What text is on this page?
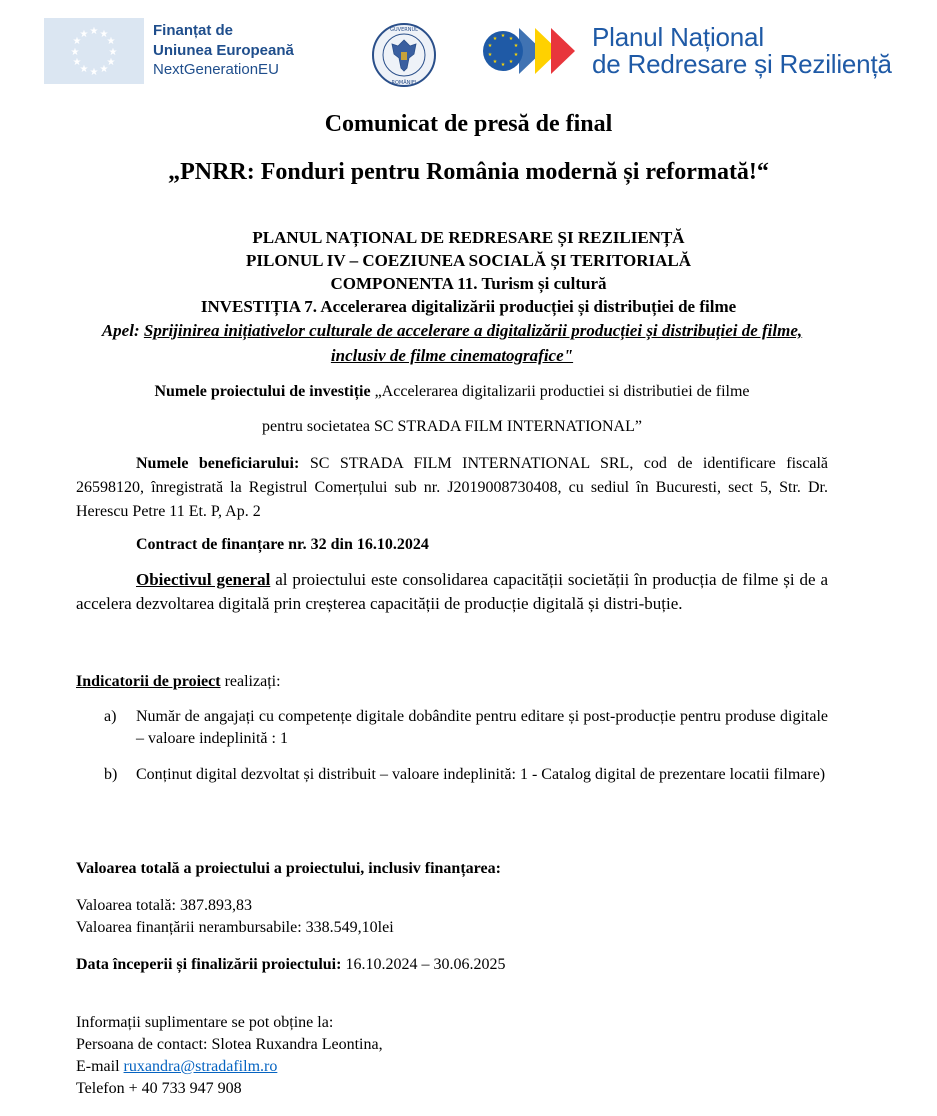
★ ★
★
★
★
★
★
★
★
★
★
★	Finanțat de
Uniunea Europeană
NextGenerationEU
GUVERNUL
ROMÂNIEI
★ ★
★
★
★
★
★
★
★
★	Planul Național
de Redresare și Reziliență
Comunicat de presă de final
„PNRR: Fonduri pentru România modernă și reformată!“
PLANUL NAȚIONAL DE REDRESARE ȘI REZILIENȚĂ
PILONUL IV – COEZIUNEA SOCIALĂ ȘI TERITORIALĂ
COMPONENTA 11. Turism și cultură
INVESTIȚIA 7. Accelerarea digitalizării producției și distribuției de filme
Apel: Sprijinirea inițiativelor culturale de accelerare a digitalizării producției și distribuției de filme, inclusiv de filme cinematografice"
Numele proiectului de investiție „Accelerarea digitalizarii productiei si distributiei de filme
pentru societatea SC STRADA FILM INTERNATIONAL”
Numele beneficiarului: SC STRADA FILM INTERNATIONAL SRL, cod de identificare fiscală 26598120, înregistrată la Registrul Comerțului sub nr. J2019008730408, cu sediul în Bucuresti, sect 5, Str. Dr. Herescu Petre 11 Et. P, Ap. 2
Contract de finanțare nr. 32 din 16.10.2024
Obiectivul general al proiectului este consolidarea capacității societății în producția de filme și de a accelera dezvoltarea digitală prin creșterea capacității de producție digitală și distri-buție.
Indicatorii de proiect realizați:
a)	Număr de angajați cu competențe digitale dobândite pentru editare și post-producție pentru produse digitale – valoare indeplinită : 1
b)	Conținut digital dezvoltat și distribuit – valoare indeplinită: 1 - Catalog digital de prezentare locatii filmare)
Valoarea totală a proiectului a proiectului, inclusiv finanțarea:
Valoarea totală: 387.893,83
Valoarea finanțării nerambursabile: 338.549,10lei
Data începerii și finalizării proiectului: 16.10.2024 – 30.06.2025
Informații suplimentare se pot obține la:
Persoana de contact: Slotea Ruxandra Leontina,
E-mail ruxandra@stradafilm.ro
Telefon + 40 733 947 908
